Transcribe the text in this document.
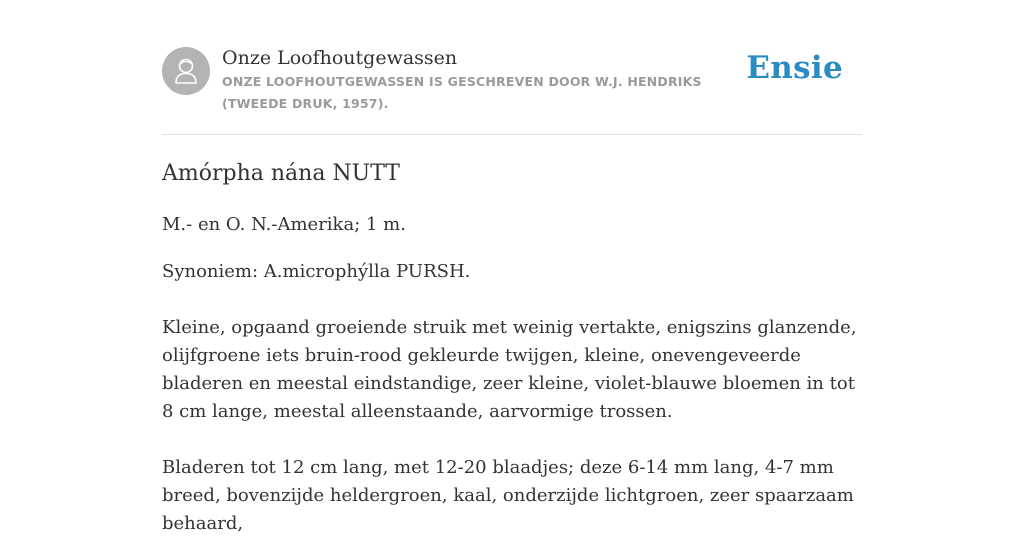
Onze Loofhoutgewassen

ONZE LOOFHOUTGEWASSEN IS GESCHREVEN DOOR W.J. HENDRIKS (TWEEDE DRUK, 1957).
Ensie
Amórpha nána NUTT

M.- en O. N.-Amerika; 1 m.

Synoniem: A.microphýlla PURSH.

Kleine, opgaand groeiende struik met weinig vertakte, enigszins glanzende, olijfgroene iets bruin-rood gekleurde twijgen, kleine, onevengeveerde bladeren en meestal eindstandige, zeer kleine, violet-blauwe bloemen in tot 8 cm lange, meestal alleenstaande, aarvormige trossen.

Bladeren tot 12 cm lang, met 12-20 blaadjes; deze 6-14 mm lang, 4-7 mm breed, bovenzijde heldergroen, kaal, onderzijde lichtgroen, zeer spaarzaam behaard,
